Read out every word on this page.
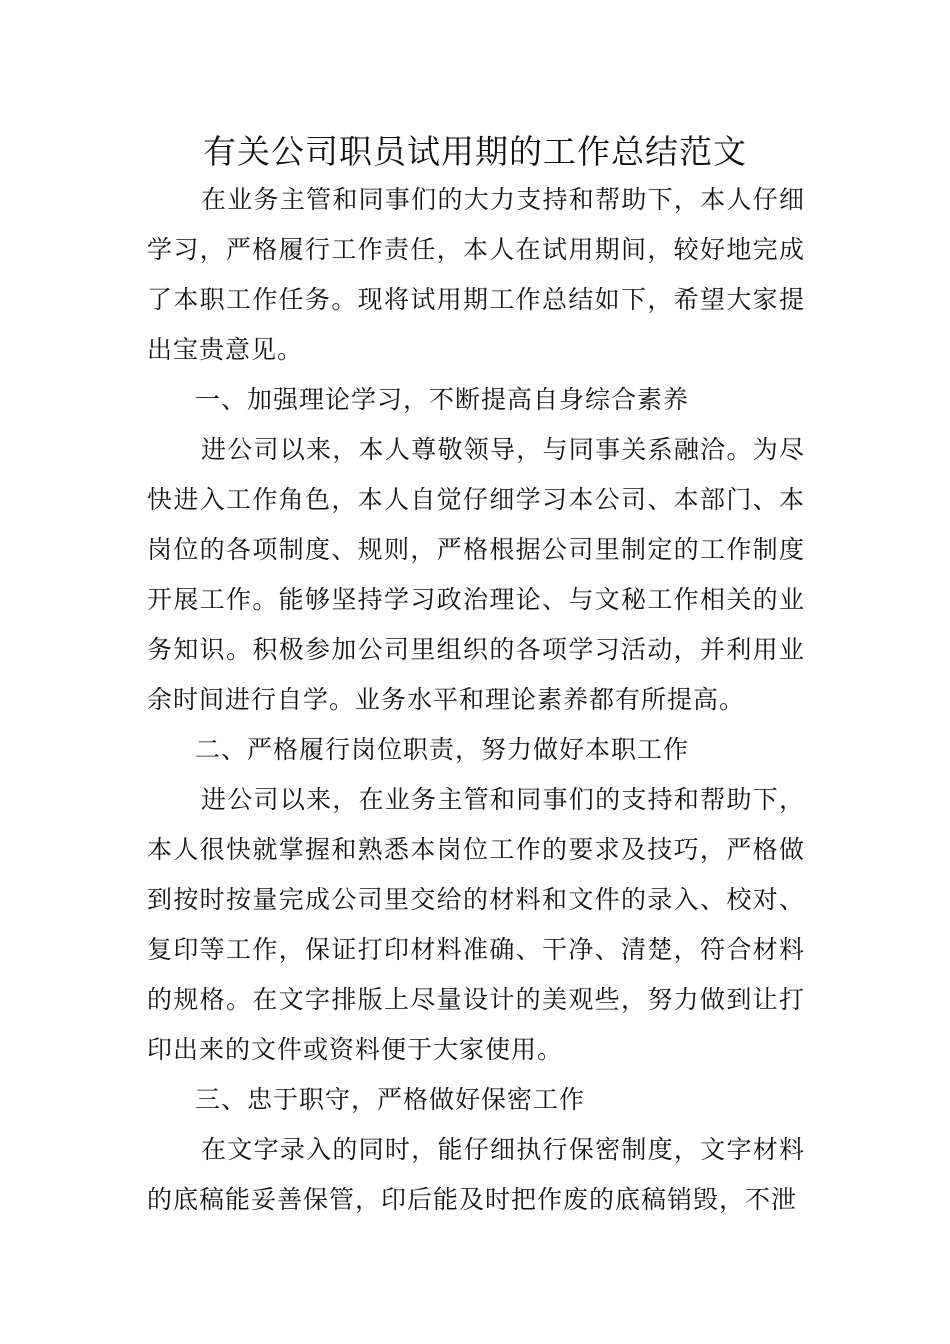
有关公司职员试用期的工作总结范文

在业务主管和同事们的大力支持和帮助下，本人仔细学习，严格履行工作责任，本人在试用期间，较好地完成了本职工作任务。现将试用期工作总结如下，希望大家提出宝贵意见。

一、加强理论学习，不断提高自身综合素养

进公司以来，本人尊敬领导，与同事关系融洽。为尽快进入工作角色，本人自觉仔细学习本公司、本部门、本岗位的各项制度、规则，严格根据公司里制定的工作制度开展工作。能够坚持学习政治理论、与文秘工作相关的业务知识。积极参加公司里组织的各项学习活动，并利用业余时间进行自学。业务水平和理论素养都有所提高。

二、严格履行岗位职责，努力做好本职工作

进公司以来，在业务主管和同事们的支持和帮助下，本人很快就掌握和熟悉本岗位工作的要求及技巧，严格做到按时按量完成公司里交给的材料和文件的录入、校对、复印等工作，保证打印材料准确、干净、清楚，符合材料的规格。在文字排版上尽量设计的美观些，努力做到让打印出来的文件或资料便于大家使用。

三、忠于职守，严格做好保密工作

在文字录入的同时，能仔细执行保密制度，文字材料的底稿能妥善保管，印后能及时把作废的底稿销毁，不泄
